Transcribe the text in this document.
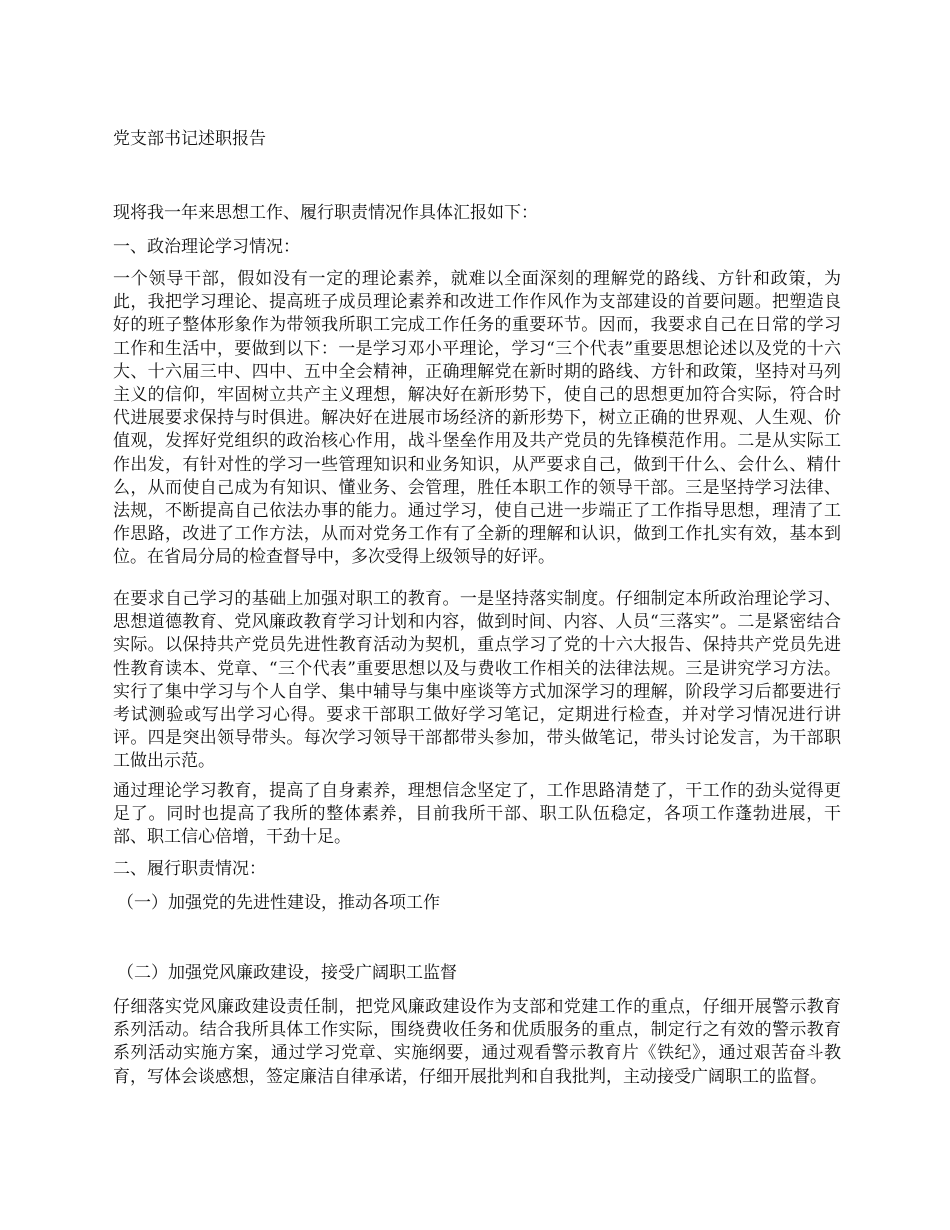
党支部书记述职报告
现将我一年来思想工作、履行职责情况作具体汇报如下：
一、政治理论学习情况：
一个领导干部，假如没有一定的理论素养，就难以全面深刻的理解党的路线、方针和政策，为此，我把学习理论、提高班子成员理论素养和改进工作作风作为支部建设的首要问题。把塑造良好的班子整体形象作为带领我所职工完成工作任务的重要环节。因而，我要求自己在日常的学习工作和生活中，要做到以下：一是学习邓小平理论，学习“三个代表”重要思想论述以及党的十六大、十六届三中、四中、五中全会精神，正确理解党在新时期的路线、方针和政策，坚持对马列主义的信仰，牢固树立共产主义理想，解决好在新形势下，使自己的思想更加符合实际，符合时代进展要求保持与时俱进。解决好在进展市场经济的新形势下，树立正确的世界观、人生观、价值观，发挥好党组织的政治核心作用，战斗堡垒作用及共产党员的先锋模范作用。二是从实际工作出发，有针对性的学习一些管理知识和业务知识，从严要求自己，做到干什么、会什么、精什么，从而使自己成为有知识、懂业务、会管理，胜任本职工作的领导干部。三是坚持学习法律、法规，不断提高自己依法办事的能力。通过学习，使自己进一步端正了工作指导思想，理清了工作思路，改进了工作方法，从而对党务工作有了全新的理解和认识，做到工作扎实有效，基本到位。在省局分局的检查督导中，多次受得上级领导的好评。
在要求自己学习的基础上加强对职工的教育。一是坚持落实制度。仔细制定本所政治理论学习、思想道德教育、党风廉政教育学习计划和内容，做到时间、内容、人员“三落实”。二是紧密结合实际。以保持共产党员先进性教育活动为契机，重点学习了党的十六大报告、保持共产党员先进性教育读本、党章、“三个代表”重要思想以及与费收工作相关的法律法规。三是讲究学习方法。实行了集中学习与个人自学、集中辅导与集中座谈等方式加深学习的理解，阶段学习后都要进行考试测验或写出学习心得。要求干部职工做好学习笔记，定期进行检查，并对学习情况进行讲评。四是突出领导带头。每次学习领导干部都带头参加，带头做笔记，带头讨论发言，为干部职工做出示范。
通过理论学习教育，提高了自身素养，理想信念坚定了，工作思路清楚了，干工作的劲头觉得更足了。同时也提高了我所的整体素养，目前我所干部、职工队伍稳定，各项工作蓬勃进展，干部、职工信心倍增，干劲十足。
二、履行职责情况：
（一）加强党的先进性建设，推动各项工作
（二）加强党风廉政建设，接受广阔职工监督
仔细落实党风廉政建设责任制，把党风廉政建设作为支部和党建工作的重点，仔细开展警示教育系列活动。结合我所具体工作实际，围绕费收任务和优质服务的重点，制定行之有效的警示教育系列活动实施方案，通过学习党章、实施纲要，通过观看警示教育片《铁纪》，通过艰苦奋斗教育，写体会谈感想，签定廉洁自律承诺，仔细开展批判和自我批判，主动接受广阔职工的监督。
